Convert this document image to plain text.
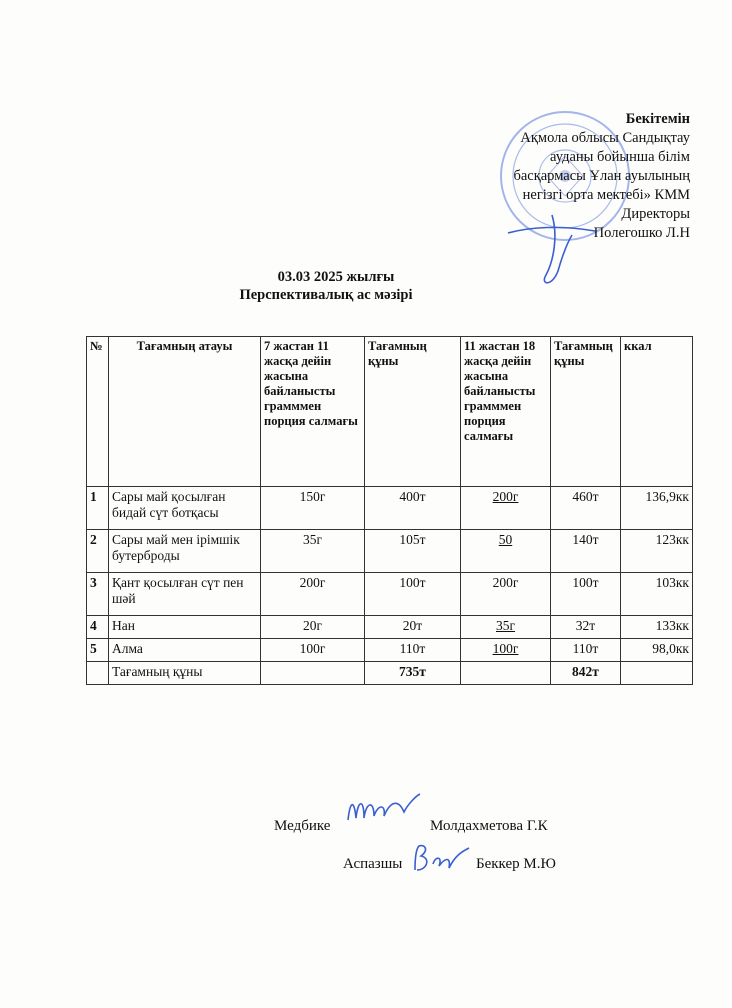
Бекітемін
Ақмола облысы Сандықтау
ауданы бойынша білім
басқармасы Ұлан ауылының
негізгі орта мектебі» КММ
Директоры
Полегошко Л.Н
03.03 2025 жылғы
Перспективалық ас мәзірі
№	Тағамның атауы	7 жастан 11 жасқа дейін жасына байланысты грамммен порция салмағы	Тағамның құны	11 жастан 18 жасқа дейін жасына байланысты грамммен порция салмағы	Тағамның құны	ккал
1	Сары май қосылған бидай сүт ботқасы	150г	400т	200г	460т	136,9кк
2	Сары май мен ірімшік бутерброды	35г	105т	50	140т	123кк
3	Қант қосылған сүт пен шәй	200г	100т	200г	100т	103кк
4	Нан	20г	20т	35г	32т	133кк
5	Алма	100г	110т	100г	110т	98,0кк
	Тағамның құны		735т		842т	
Медбике	Молдахметова Г.К
Аспазшы	Беккер М.Ю
